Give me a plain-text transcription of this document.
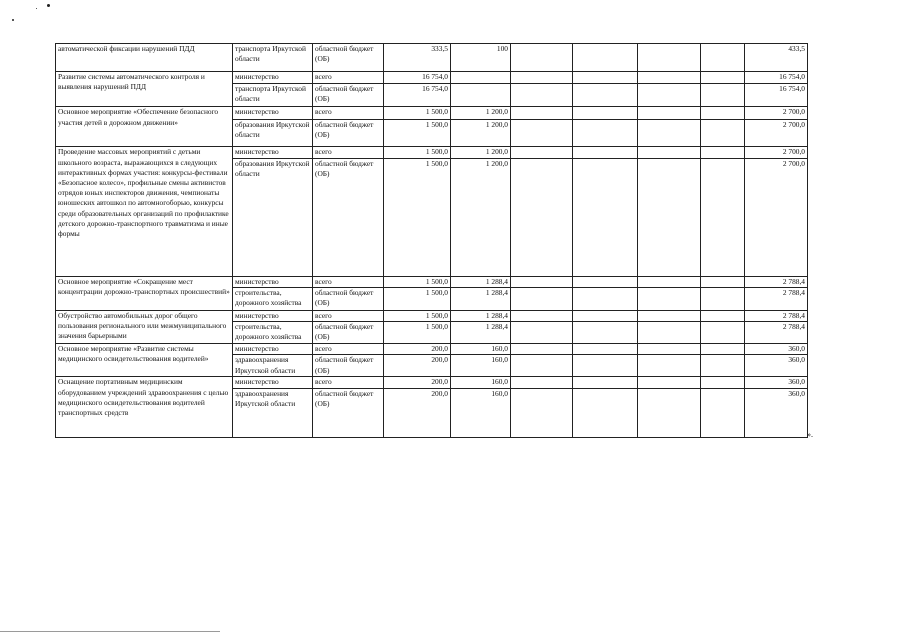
автоматической фиксации нарушений ПДД	транспорта Иркутской области	областной бюджет (ОБ)	333,5	100					433,5
Развитие системы автоматического контроля и выявления нарушений ПДД	министерство	всего	16 754,0						16 754,0
	транспорта Иркутской области	областной бюджет (ОБ)	16 754,0						16 754,0
Основное мероприятие «Обеспечение безопасного участия детей в дорожном движении»	министерство	всего	1 500,0	1 200,0					2 700,0
	образования Иркутской области	областной бюджет (ОБ)	1 500,0	1 200,0					2 700,0
Проведение массовых мероприятий с детьми школьного возраста, выражающихся в следующих интерактивных формах участия: конкурсы-фестивали «Безопасное колесо», профильные смены активистов отрядов юных инспекторов движения, чемпионаты юношеских автошкол по автомногоборью, конкурсы среди образовательных организаций по профилактике детского дорожно-транспортного травматизма и иные формы	министерство	всего	1 500,0	1 200,0					2 700,0
	образования Иркутской области	областной бюджет (ОБ)	1 500,0	1 200,0					2 700,0
Основное мероприятие «Сокращение мест концентрации дорожно-транспортных происшествий»	министерство	всего	1 500,0	1 288,4					2 788,4
	строительства, дорожного хозяйства	областной бюджет (ОБ)	1 500,0	1 288,4					2 788,4
Обустройство автомобильных дорог общего пользования регионального или межмуниципального значения барьерными	министерство	всего	1 500,0	1 288,4					2 788,4
	строительства, дорожного хозяйства	областной бюджет (ОБ)	1 500,0	1 288,4					2 788,4
Основное мероприятие «Развитие системы медицинского освидетельствования водителей»	министерство	всего	200,0	160,0					360,0
	здравоохранения Иркутской области	областной бюджет (ОБ)	200,0	160,0					360,0
Оснащение портативным медицинским оборудованием учреждений здравоохранения с целью медицинского освидетельствования водителей транспортных средств	министерство	всего	200,0	160,0					360,0
	здравоохранения Иркутской области	областной бюджет (ОБ)	200,0	160,0					360,0
».
